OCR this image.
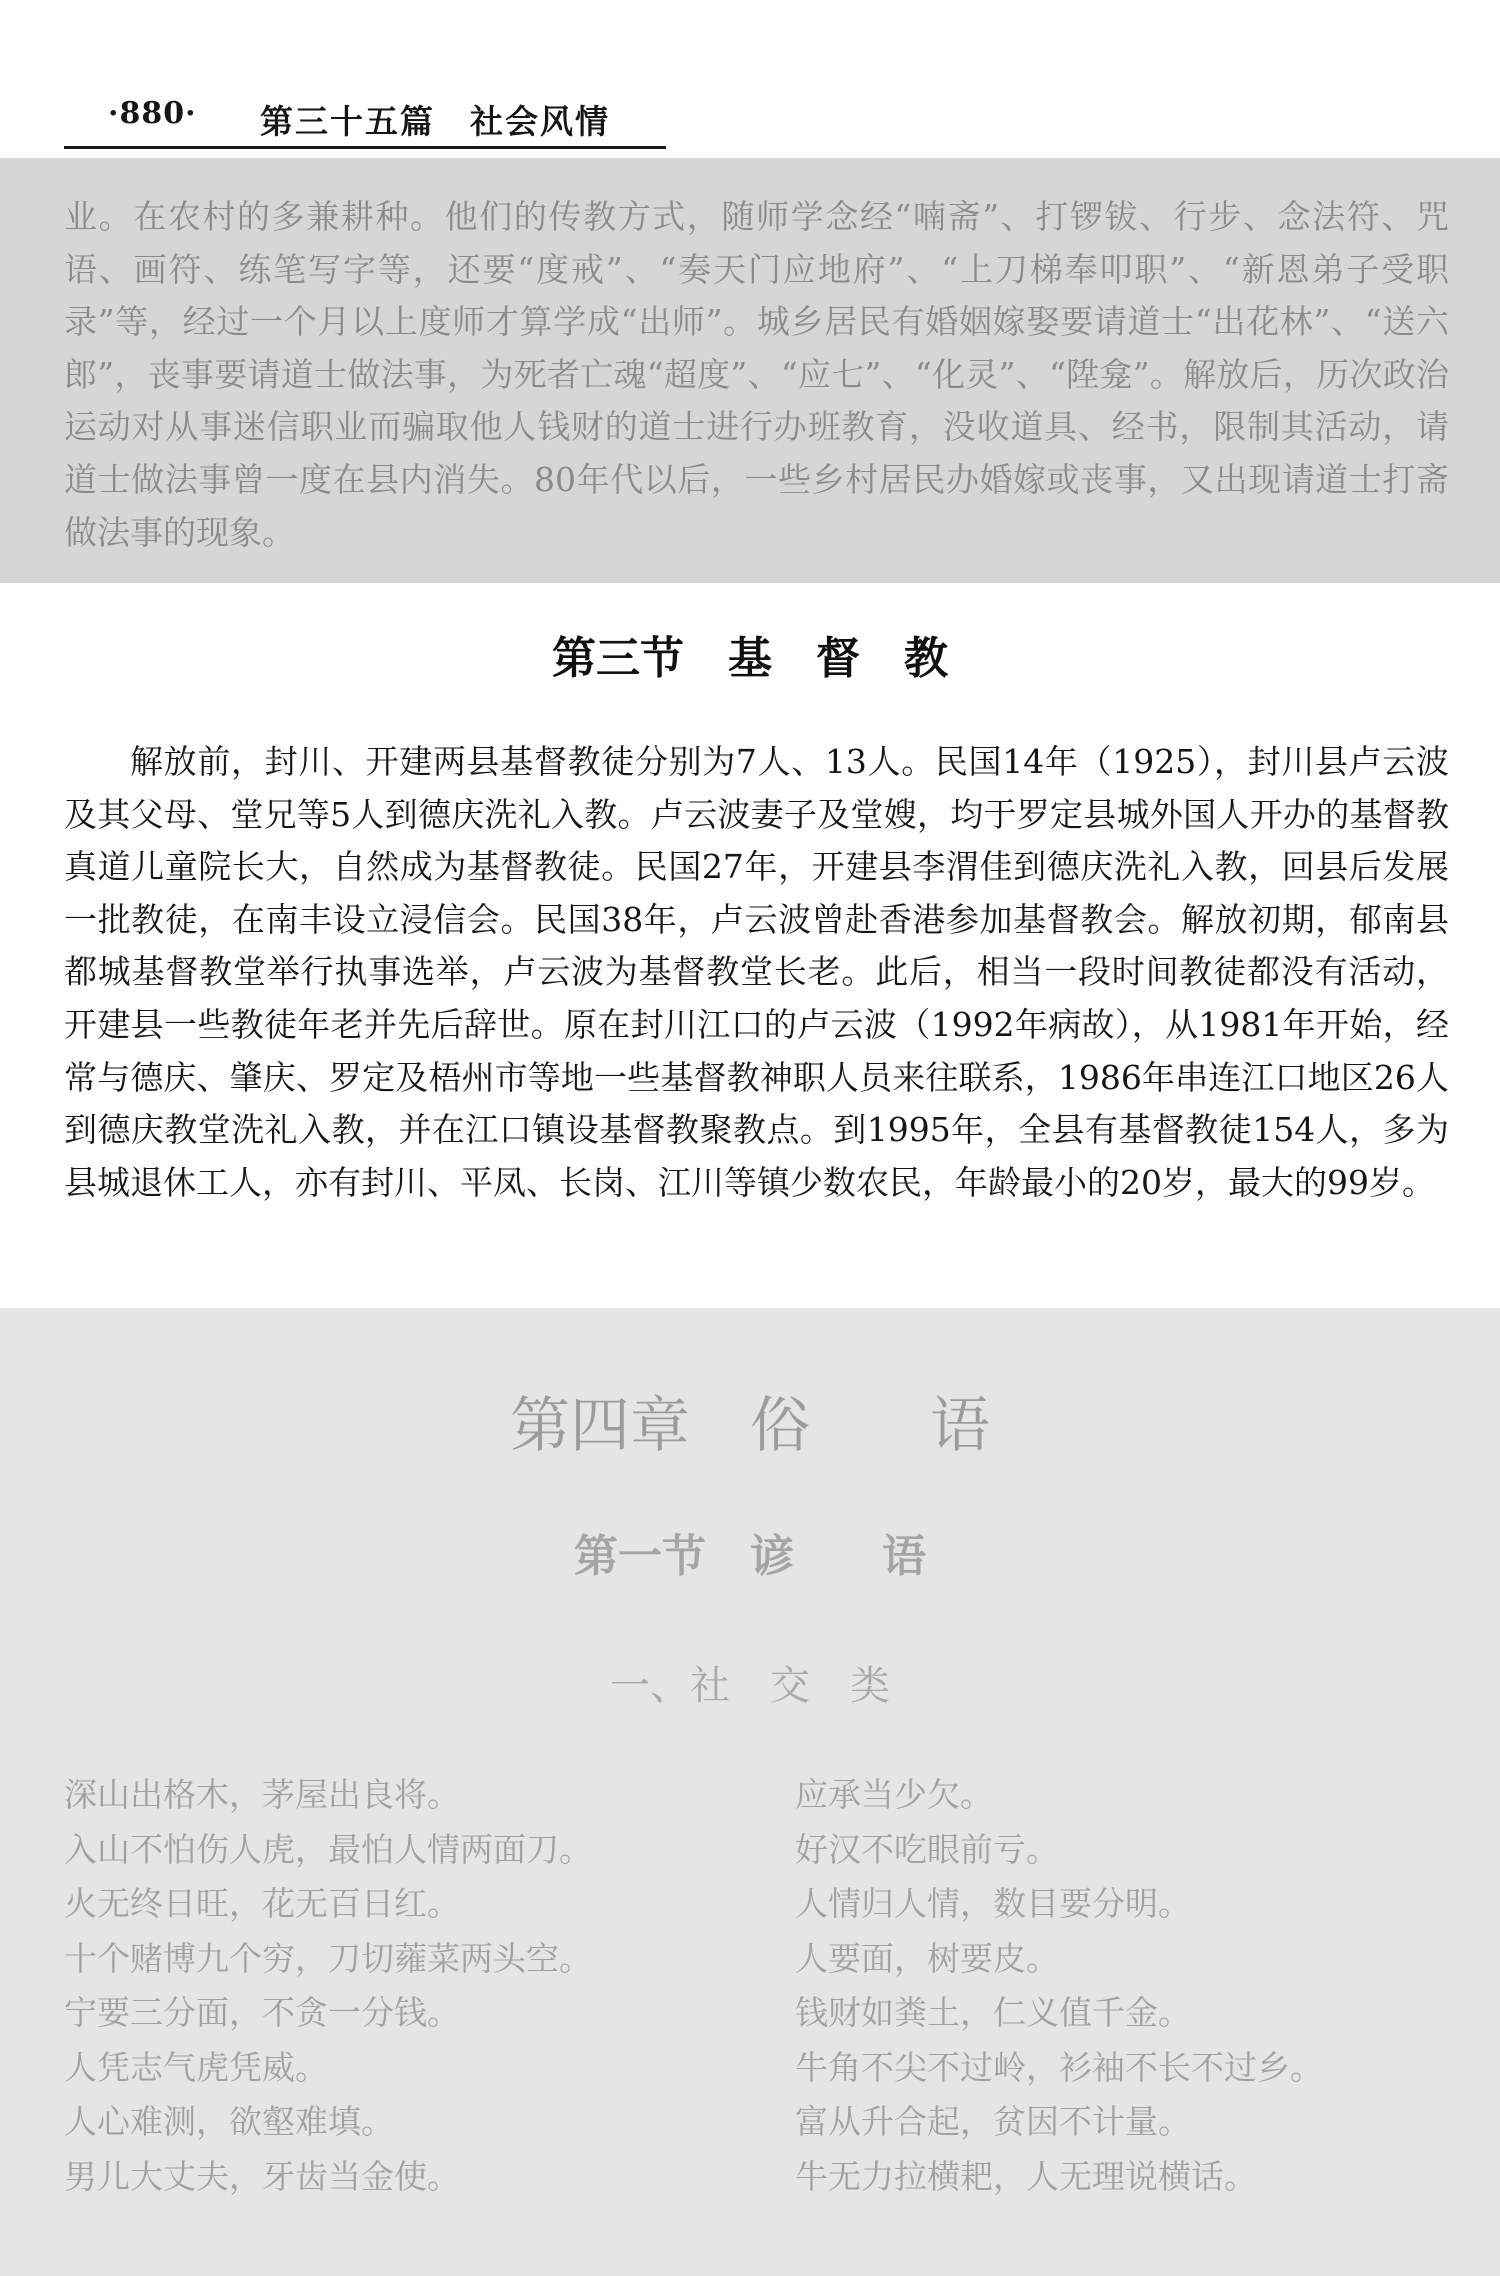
·880· 第三十五篇　社会风情

业。在农村的多兼耕种。他们的传教方式，随师学念经“喃斋”、打锣钹、行步、念法符、咒语、画符、练笔写字等，还要“度戒”、“奏天门应地府”、“上刀梯奉叩职”、“新恩弟子受职录”等，经过一个月以上度师才算学成“出师”。城乡居民有婚姻嫁娶要请道士“出花林”、“送六郎”，丧事要请道士做法事，为死者亡魂“超度”、“应七”、“化灵”、“陞龛”。解放后，历次政治运动对从事迷信职业而骗取他人钱财的道士进行办班教育，没收道具、经书，限制其活动，请道士做法事曾一度在县内消失。80年代以后，一些乡村居民办婚嫁或丧事，又出现请道士打斋做法事的现象。

第三节　基　督　教

解放前，封川、开建两县基督教徒分别为7人、13人。民国14年（1925），封川县卢云波及其父母、堂兄等5人到德庆洗礼入教。卢云波妻子及堂嫂，均于罗定县城外国人开办的基督教真道儿童院长大，自然成为基督教徒。民国27年，开建县李渭佳到德庆洗礼入教，回县后发展一批教徒，在南丰设立浸信会。民国38年，卢云波曾赴香港参加基督教会。解放初期，郁南县都城基督教堂举行执事选举，卢云波为基督教堂长老。此后，相当一段时间教徒都没有活动，开建县一些教徒年老并先后辞世。原在封川江口的卢云波（1992年病故），从1981年开始，经常与德庆、肇庆、罗定及梧州市等地一些基督教神职人员来往联系，1986年串连江口地区26人到德庆教堂洗礼入教，并在江口镇设基督教聚教点。到1995年，全县有基督教徒154人，多为县城退休工人，亦有封川、平凤、长岗、江川等镇少数农民，年龄最小的20岁，最大的99岁。

第四章　俗　　语
第一节　谚　　语
一、社　交　类
深山出格木，茅屋出良将。
入山不怕伤人虎，最怕人情两面刀。
火无终日旺，花无百日红。
十个赌博九个穷，刀切蕹菜两头空。
宁要三分面，不贪一分钱。
人凭志气虎凭威。
人心难测，欲壑难填。
男儿大丈夫，牙齿当金使。
应承当少欠。
好汉不吃眼前亏。
人情归人情，数目要分明。
人要面，树要皮。
钱财如粪土，仁义值千金。
牛角不尖不过岭，衫袖不长不过乡。
富从升合起，贫因不计量。
牛无力拉横耙，人无理说横话。
